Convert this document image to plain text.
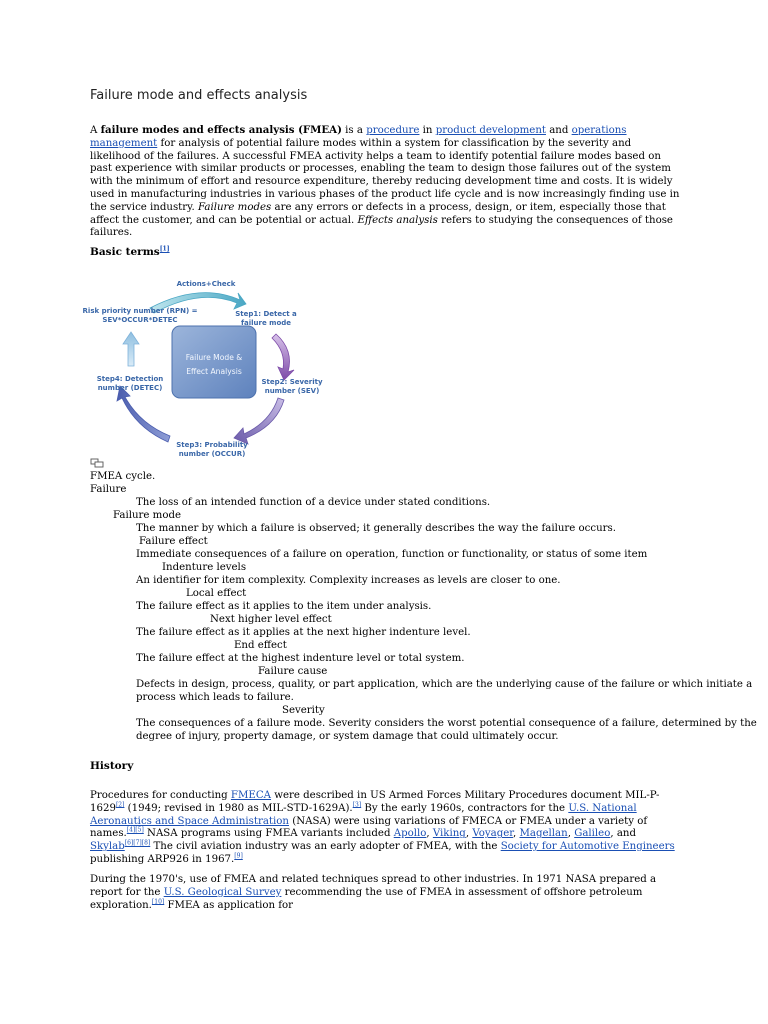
Failure mode and effects analysis
A failure modes and effects analysis (FMEA) is a procedure in product development and operations management for analysis of potential failure modes within a system for classification by the severity and likelihood of the failures. A successful FMEA activity helps a team to identify potential failure modes based on past experience with similar products or processes, enabling the team to design those failures out of the system with the minimum of effort and resource expenditure, thereby reducing development time and costs. It is widely used in manufacturing industries in various phases of the product life cycle and is now increasingly finding use in the service industry. Failure modes are any errors or defects in a process, design, or item, especially those that affect the customer, and can be potential or actual. Effects analysis refers to studying the consequences of those failures.
Basic terms[1]
Failure Mode &
Effect Analysis
Actions+Check
Risk priority number (RPN) =
SEV*OCCUR*DETEC
Step1: Detect a
failure mode
Step2: Severity
number (SEV)
Step3: Probability
number (OCCUR)
Step4: Detection
number (DETEC)
FMEA cycle.
Failure
The loss of an intended function of a device under stated conditions.
Failure mode
The manner by which a failure is observed; it generally describes the way the failure occurs.
Failure effect
Immediate consequences of a failure on operation, function or functionality, or status of some item
Indenture levels
An identifier for item complexity. Complexity increases as levels are closer to one.
Local effect
The failure effect as it applies to the item under analysis.
Next higher level effect
The failure effect as it applies at the next higher indenture level.
End effect
The failure effect at the highest indenture level or total system.
Failure cause
Defects in design, process, quality, or part application, which are the underlying cause of the failure or which initiate a
process which leads to failure.
Severity
The consequences of a failure mode. Severity considers the worst potential consequence of a failure, determined by the
degree of injury, property damage, or system damage that could ultimately occur.
History
Procedures for conducting FMECA were described in US Armed Forces Military Procedures document MIL-P-1629[2] (1949; revised in 1980 as MIL-STD-1629A).[3] By the early 1960s, contractors for the U.S. National Aeronautics and Space Administration (NASA) were using variations of FMECA or FMEA under a variety of names.[4][5] NASA programs using FMEA variants included Apollo, Viking, Voyager, Magellan, Galileo, and Skylab[6][7][8] The civil aviation industry was an early adopter of FMEA, with the Society for Automotive Engineers publishing ARP926 in 1967.[9]
During the 1970's, use of FMEA and related techniques spread to other industries. In 1971 NASA prepared a report for the U.S. Geological Survey recommending the use of FMEA in assessment of offshore petroleum exploration.[10] FMEA as application for
